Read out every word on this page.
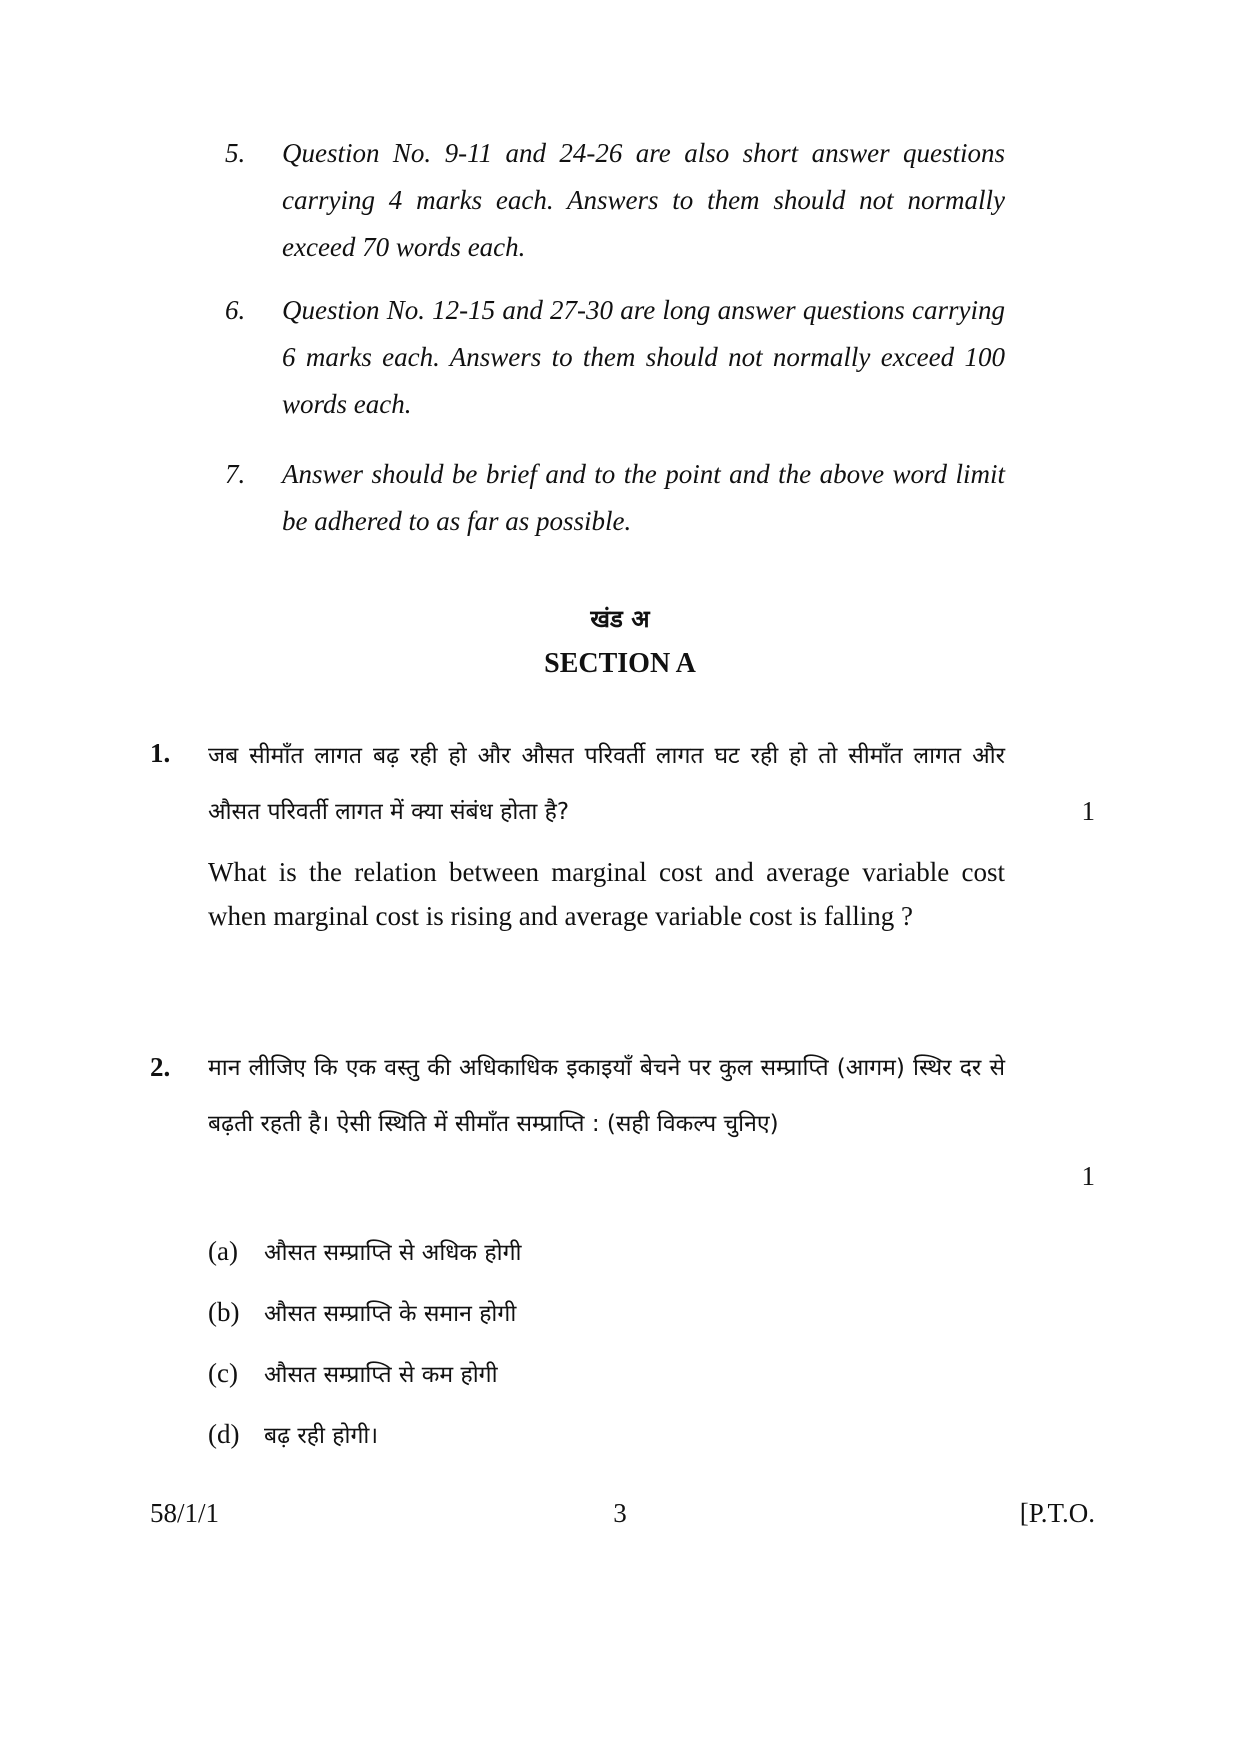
5.	Question No. 9-11 and 24-26 are also short answer questions carrying 4 marks each. Answers to them should not normally exceed 70 words each.
6.	Question No. 12-15 and 27-30 are long answer questions carrying 6 marks each. Answers to them should not normally exceed 100 words each.
7.	Answer should be brief and to the point and the above word limit be adhered to as far as possible.
खंड अ
SECTION A
1. जब सीमाँत लागत बढ़ रही हो और औसत परिवर्ती लागत घट रही हो तो सीमाँत लागत और औसत परिवर्ती लागत में क्या संबंध होता है?	1
What is the relation between marginal cost and average variable cost when marginal cost is rising and average variable cost is falling ?
2. मान लीजिए कि एक वस्तु की अधिकाधिक इकाइयाँ बेचने पर कुल सम्प्राप्ति (आगम) स्थिर दर से बढ़ती रहती है। ऐसी स्थिति में सीमाँत सम्प्राप्ति : (सही विकल्प चुनिए)
1
(a) औसत सम्प्राप्ति से अधिक होगी
(b) औसत सम्प्राप्ति के समान होगी
(c) औसत सम्प्राप्ति से कम होगी
(d) बढ़ रही होगी।
58/1/1	3	[P.T.O.
